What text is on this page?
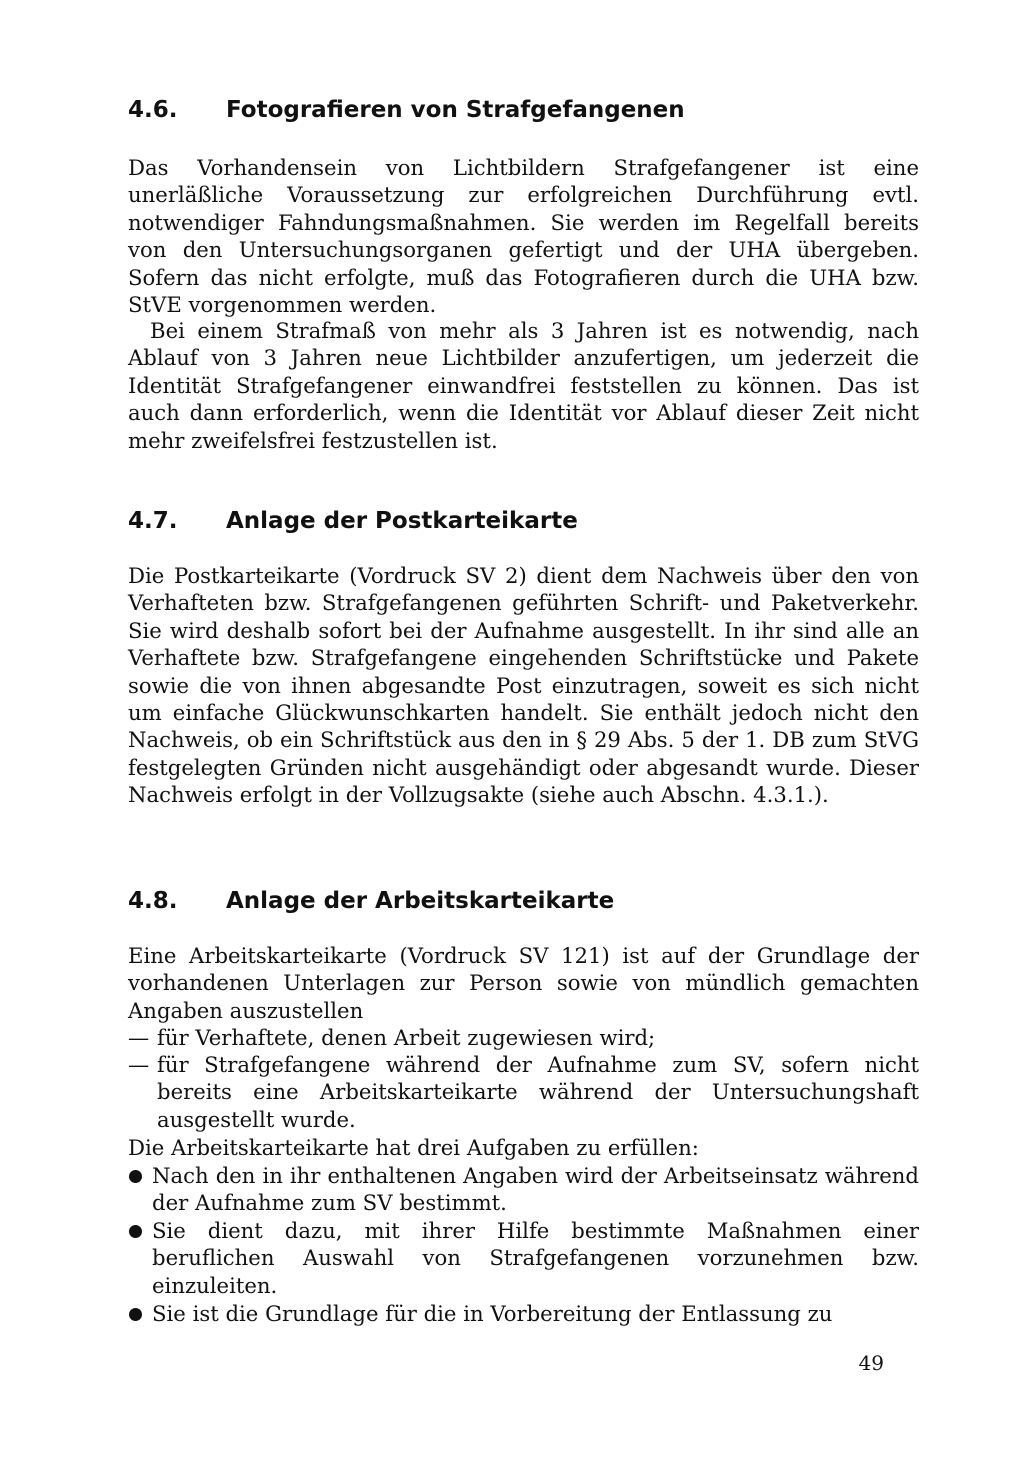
4.6. Fotografieren von Strafgefangenen

Das Vorhandensein von Lichtbildern Strafgefangener ist eine unerläßliche Voraussetzung zur erfolgreichen Durchführung evtl. notwendiger Fahndungsmaßnahmen. Sie werden im Regelfall bereits von den Untersuchungsorganen gefertigt und der UHA übergeben. Sofern das nicht erfolgte, muß das Fotografieren durch die UHA bzw. StVE vorgenommen werden.

Bei einem Strafmaß von mehr als 3 Jahren ist es notwendig, nach Ablauf von 3 Jahren neue Lichtbilder anzufertigen, um jederzeit die Identität Strafgefangener einwandfrei feststellen zu können. Das ist auch dann erforderlich, wenn die Identität vor Ablauf dieser Zeit nicht mehr zweifelsfrei festzustellen ist.

4.7. Anlage der Postkarteikarte

Die Postkarteikarte (Vordruck SV 2) dient dem Nachweis über den von Verhafteten bzw. Strafgefangenen geführten Schrift- und Paketverkehr. Sie wird deshalb sofort bei der Aufnahme ausgestellt. In ihr sind alle an Verhaftete bzw. Strafgefangene eingehenden Schriftstücke und Pakete sowie die von ihnen abgesandte Post einzutragen, soweit es sich nicht um einfache Glückwunschkarten handelt. Sie enthält jedoch nicht den Nachweis, ob ein Schriftstück aus den in § 29 Abs. 5 der 1. DB zum StVG festgelegten Gründen nicht ausgehändigt oder abgesandt wurde. Dieser Nachweis erfolgt in der Vollzugsakte (siehe auch Abschn. 4.3.1.).

4.8. Anlage der Arbeitskarteikarte

Eine Arbeitskarteikarte (Vordruck SV 121) ist auf der Grundlage der vorhandenen Unterlagen zur Person sowie von mündlich gemachten Angaben auszustellen

— für Verhaftete, denen Arbeit zugewiesen wird;
— für Strafgefangene während der Aufnahme zum SV, sofern nicht bereits eine Arbeitskarteikarte während der Untersuchungshaft ausgestellt wurde.

Die Arbeitskarteikarte hat drei Aufgaben zu erfüllen:

Nach den in ihr enthaltenen Angaben wird der Arbeitseinsatz während der Aufnahme zum SV bestimmt.
Sie dient dazu, mit ihrer Hilfe bestimmte Maßnahmen einer beruflichen Auswahl von Strafgefangenen vorzunehmen bzw. einzuleiten.
Sie ist die Grundlage für die in Vorbereitung der Entlassung zu
49
